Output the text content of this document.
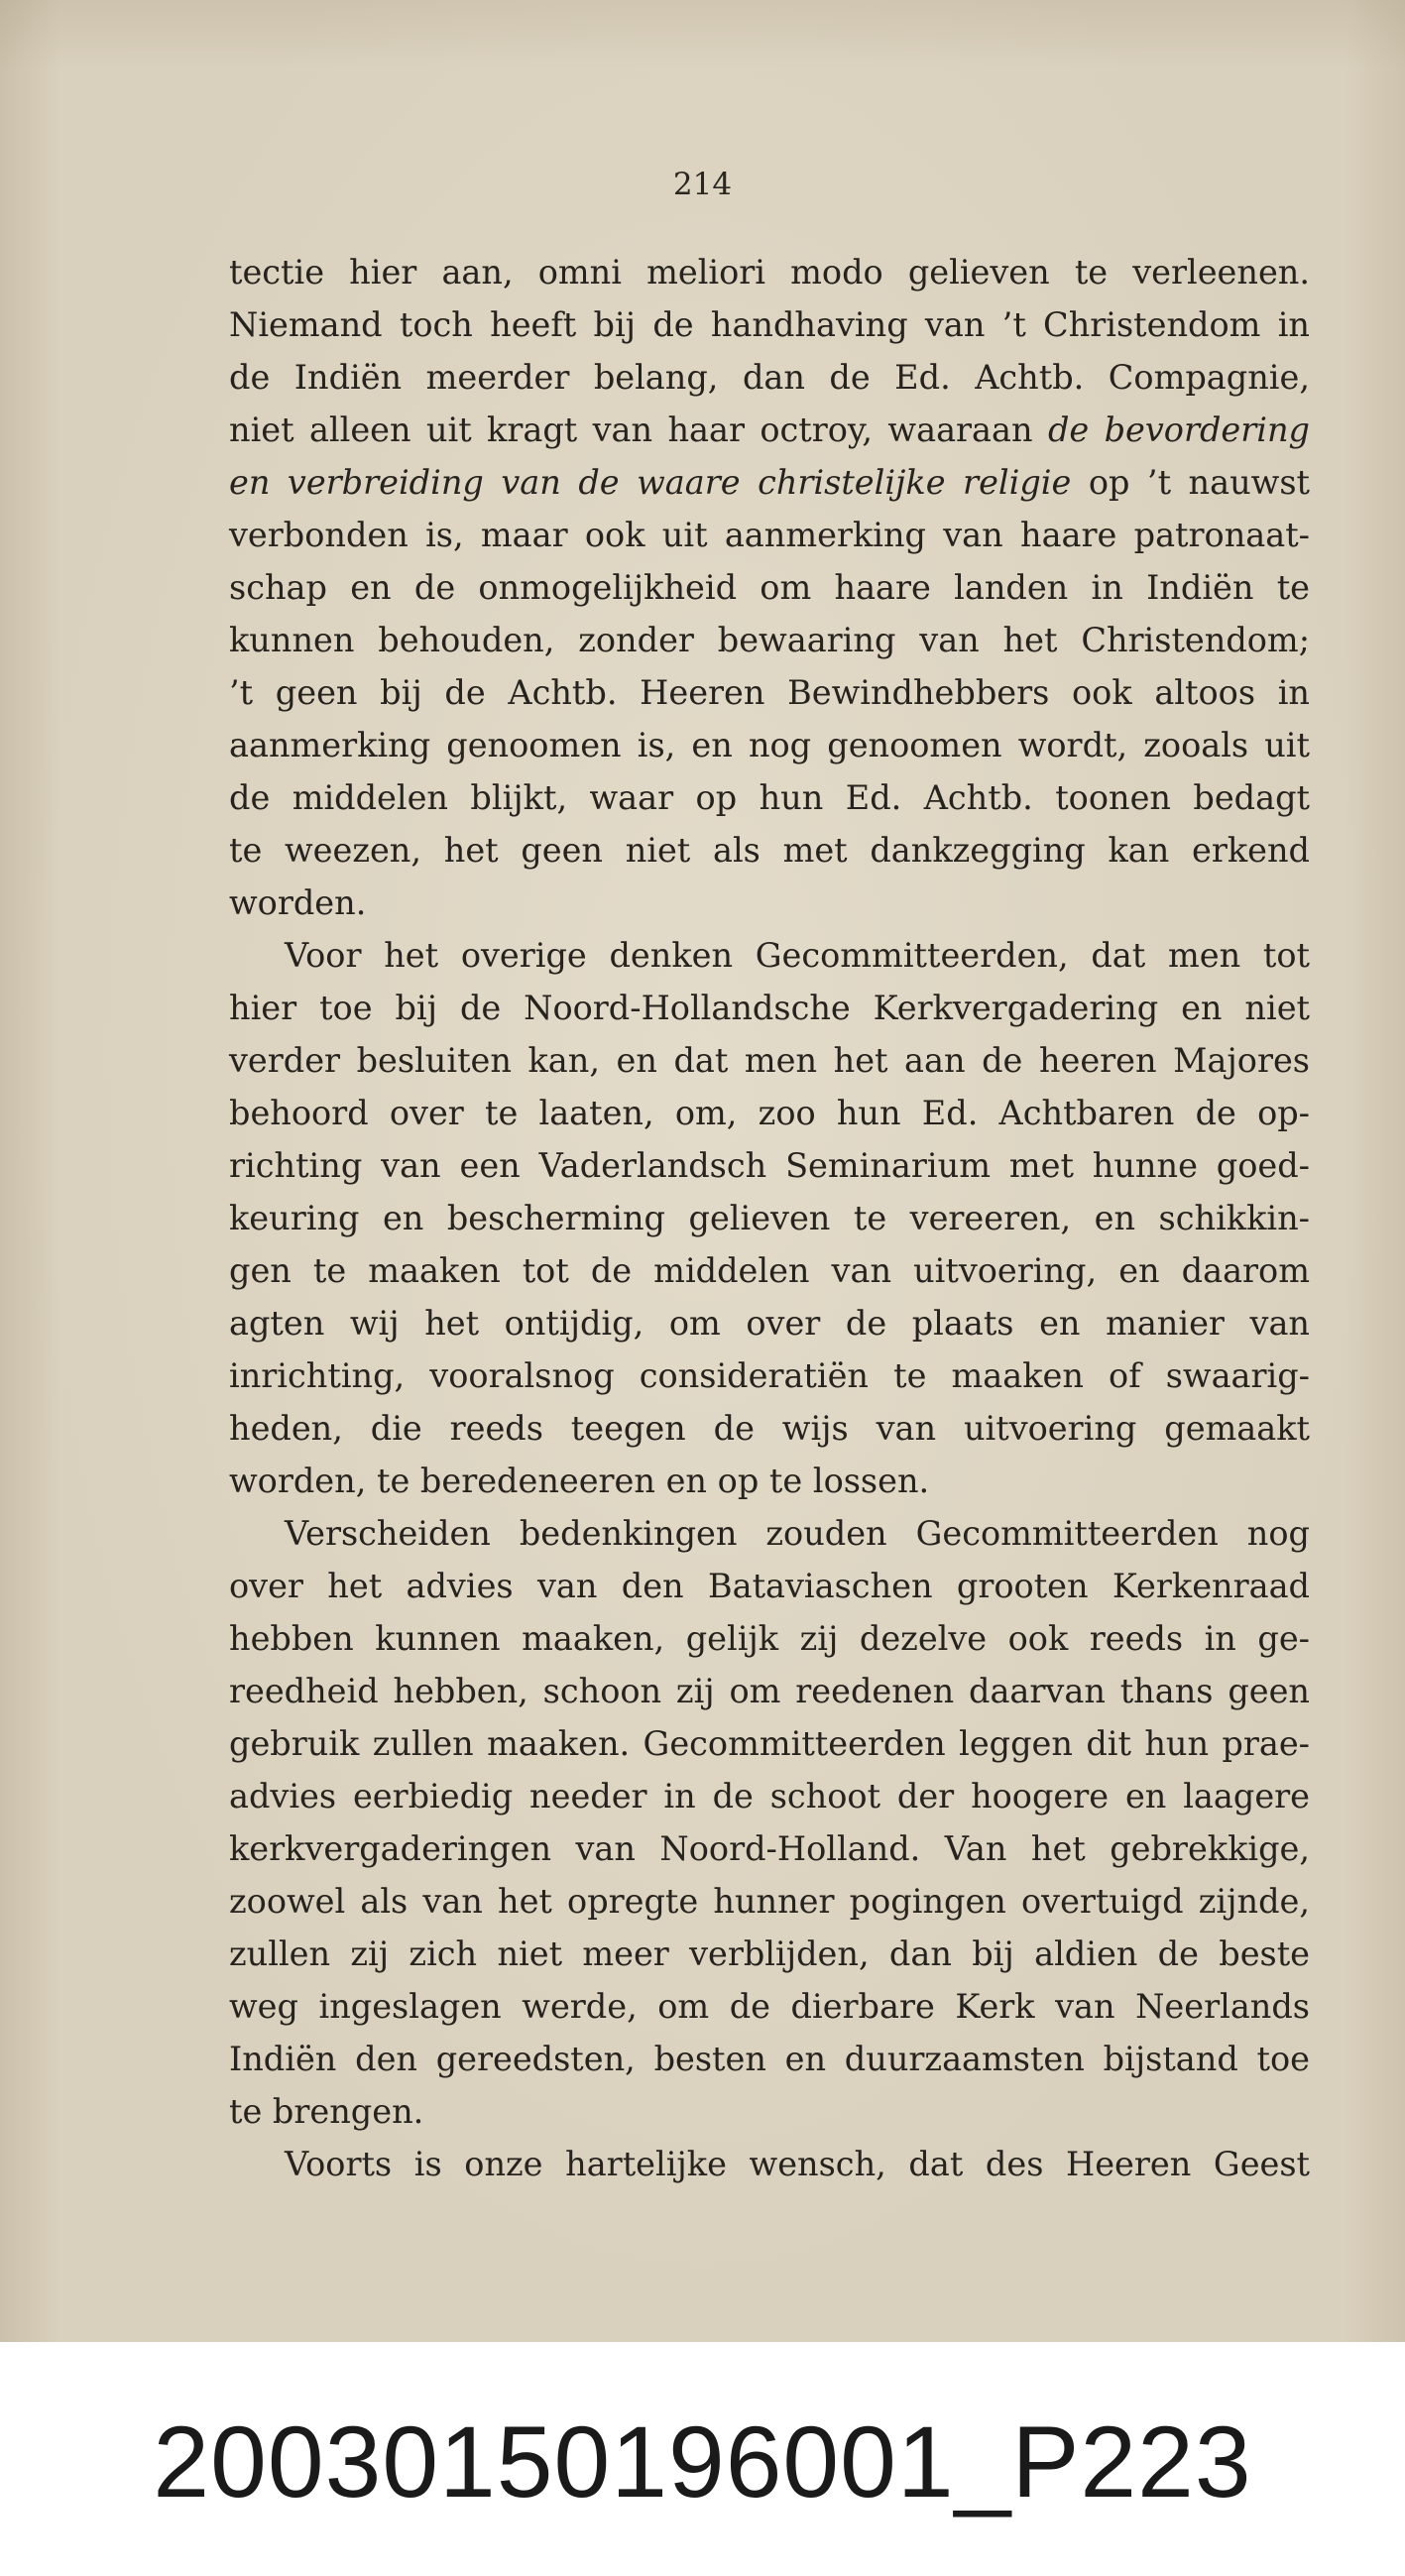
214
tectie hier aan, omni meliori modo gelieven te verleenen.
Niemand toch heeft bij de handhaving van ’t Christendom in
de Indiën meerder belang, dan de Ed. Achtb. Compagnie,
niet alleen uit kragt van haar octroy, waaraan de bevordering
en verbreiding van de waare christelijke religie op ’t nauwst
verbonden is, maar ook uit aanmerking van haare patronaat-
schap en de onmogelijkheid om haare landen in Indiën te
kunnen behouden, zonder bewaaring van het Christendom;
’t geen bij de Achtb. Heeren Bewindhebbers ook altoos in
aanmerking genoomen is, en nog genoomen wordt, zooals uit
de middelen blijkt, waar op hun Ed. Achtb. toonen bedagt
te weezen, het geen niet als met dankzegging kan erkend
worden.
Voor het overige denken Gecommitteerden, dat men tot
hier toe bij de Noord-Hollandsche Kerkvergadering en niet
verder besluiten kan, en dat men het aan de heeren Majores
behoord over te laaten, om, zoo hun Ed. Achtbaren de op-
richting van een Vaderlandsch Seminarium met hunne goed-
keuring en bescherming gelieven te vereeren, en schikkin-
gen te maaken tot de middelen van uitvoering, en daarom
agten wij het ontijdig, om over de plaats en manier van
inrichting, vooralsnog consideratiën te maaken of swaarig-
heden, die reeds teegen de wijs van uitvoering gemaakt
worden, te beredeneeren en op te lossen.
Verscheiden bedenkingen zouden Gecommitteerden nog
over het advies van den Bataviaschen grooten Kerkenraad
hebben kunnen maaken, gelijk zij dezelve ook reeds in ge-
reedheid hebben, schoon zij om reedenen daarvan thans geen
gebruik zullen maaken. Gecommitteerden leggen dit hun prae-
advies eerbiedig needer in de schoot der hoogere en laagere
kerkvergaderingen van Noord-Holland. Van het gebrekkige,
zoowel als van het opregte hunner pogingen overtuigd zijnde,
zullen zij zich niet meer verblijden, dan bij aldien de beste
weg ingeslagen werde, om de dierbare Kerk van Neerlands
Indiën den gereedsten, besten en duurzaamsten bijstand toe
te brengen.
Voorts is onze hartelijke wensch, dat des Heeren Geest
20030150196001_P223
